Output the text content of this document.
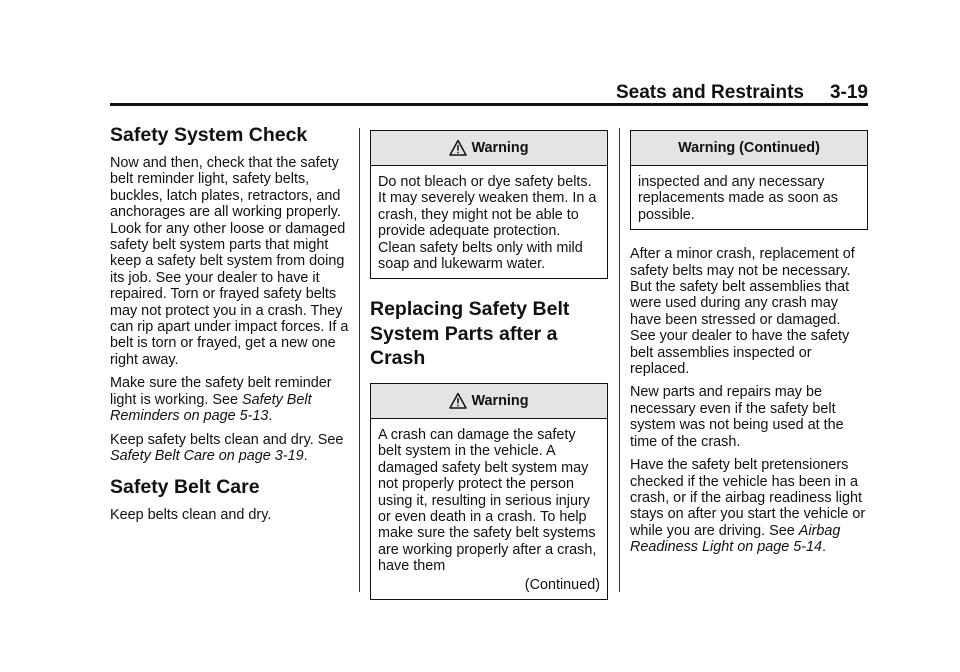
Seats and Restraints 3-19
Safety System Check

Now and then, check that the safety belt reminder light, safety belts, buckles, latch plates, retractors, and anchorages are all working properly. Look for any other loose or damaged safety belt system parts that might keep a safety belt system from doing its job. See your dealer to have it repaired. Torn or frayed safety belts may not protect you in a crash. They can rip apart under impact forces. If a belt is torn or frayed, get a new one right away.

Make sure the safety belt reminder light is working. See Safety Belt Reminders on page 5-13.

Keep safety belts clean and dry. See Safety Belt Care on page 3-19.

Safety Belt Care

Keep belts clean and dry.

Warning

Do not bleach or dye safety belts. It may severely weaken them. In a crash, they might not be able to provide adequate protection. Clean safety belts only with mild soap and lukewarm water.

Replacing Safety Belt
System Parts after a
Crash
Warning

A crash can damage the safety belt system in the vehicle. A damaged safety belt system may not properly protect the person using it, resulting in serious injury or even death in a crash. To help make sure the safety belt systems are working properly after a crash, have them

(Continued)
Warning (Continued)

inspected and any necessary replacements made as soon as possible.

After a minor crash, replacement of safety belts may not be necessary. But the safety belt assemblies that were used during any crash may have been stressed or damaged. See your dealer to have the safety belt assemblies inspected or replaced.

New parts and repairs may be necessary even if the safety belt system was not being used at the time of the crash.

Have the safety belt pretensioners checked if the vehicle has been in a crash, or if the airbag readiness light stays on after you start the vehicle or while you are driving. See Airbag Readiness Light on page 5-14.
